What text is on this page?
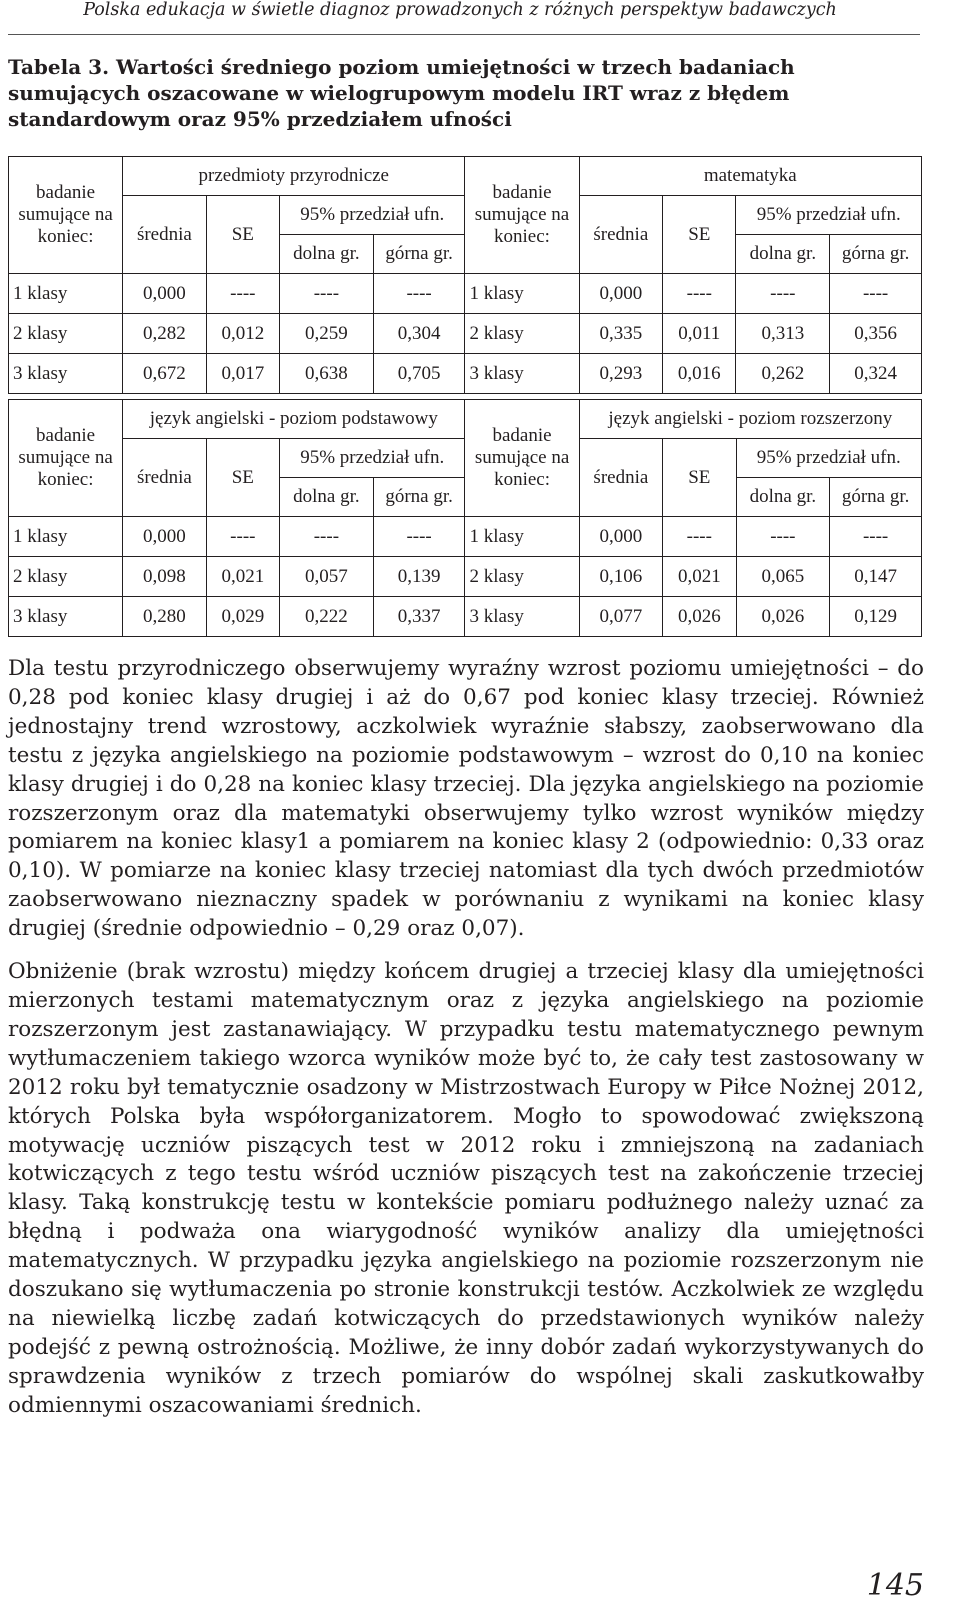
Polska edukacja w świetle diagnoz prowadzonych z różnych perspektyw badawczych
Tabela 3. Wartości średniego poziom umiejętności w trzech badaniach sumujących oszacowane w wielogrupowym modelu IRT wraz z błędem standardowym oraz 95% przedziałem ufności
badanie sumujące na koniec:	przedmioty przyrodnicze				badanie sumujące na koniec:	matematyka			
	średnia	SE	95% przedział ufn.			średnia	SE	95% przedział ufn.	
			dolna gr.	górna gr.				dolna gr.	górna gr.
1 klasy	0,000	----	----	----	1 klasy	0,000	----	----	----
2 klasy	0,282	0,012	0,259	0,304	2 klasy	0,335	0,011	0,313	0,356
3 klasy	0,672	0,017	0,638	0,705	3 klasy	0,293	0,016	0,262	0,324
badanie sumujące na koniec:	język angielski - poziom podstawowy				badanie sumujące na koniec:	język angielski - poziom rozszerzony			
	średnia	SE	95% przedział ufn.			średnia	SE	95% przedział ufn.	
			dolna gr.	górna gr.				dolna gr.	górna gr.
1 klasy	0,000	----	----	----	1 klasy	0,000	----	----	----
2 klasy	0,098	0,021	0,057	0,139	2 klasy	0,106	0,021	0,065	0,147
3 klasy	0,280	0,029	0,222	0,337	3 klasy	0,077	0,026	0,026	0,129

Dla testu przyrodniczego obserwujemy wyraźny wzrost poziomu umiejętności – do 0,28 pod koniec klasy drugiej i aż do 0,67 pod koniec klasy trzeciej. Również jednostajny trend wzrostowy, aczkolwiek wyraźnie słabszy, zaobserwowano dla testu z języka angielskiego na poziomie podstawowym – wzrost do 0,10 na koniec klasy drugiej i do 0,28 na koniec klasy trzeciej. Dla języka angielskiego na poziomie rozszerzonym oraz dla matematyki obserwujemy tylko wzrost wyników między pomiarem na koniec klasy1 a pomiarem na koniec klasy 2 (odpowiednio: 0,33 oraz 0,10). W pomiarze na koniec klasy trzeciej natomiast dla tych dwóch przedmiotów zaobserwowano nieznaczny spadek w porównaniu z wynikami na koniec klasy drugiej (średnie odpowiednio – 0,29 oraz 0,07).

Obniżenie (brak wzrostu) między końcem drugiej a trzeciej klasy dla umiejętności mierzonych testami matematycznym oraz z języka angielskiego na poziomie rozszerzonym jest zastanawiający. W przypadku testu matematycznego pewnym wytłumaczeniem takiego wzorca wyników może być to, że cały test zastosowany w 2012 roku był tematycznie osadzony w Mistrzostwach Europy w Piłce Nożnej 2012, których Polska była współorganizatorem. Mogło to spowodować zwiększoną motywację uczniów piszących test w 2012 roku i zmniejszoną na zadaniach kotwiczących z tego testu wśród uczniów piszących test na zakończenie trzeciej klasy. Taką konstrukcję testu w kontekście pomiaru podłużnego należy uznać za błędną i podważa ona wiarygodność wyników analizy dla umiejętności matematycznych. W przypadku języka angielskiego na poziomie rozszerzonym nie doszukano się wytłumaczenia po stronie konstrukcji testów. Aczkolwiek ze względu na niewielką liczbę zadań kotwiczących do przedstawionych wyników należy podejść z pewną ostrożnością. Możliwe, że inny dobór zadań wykorzystywanych do sprawdzenia wyników z trzech pomiarów do wspólnej skali zaskutkowałby odmiennymi oszacowaniami średnich.

145
